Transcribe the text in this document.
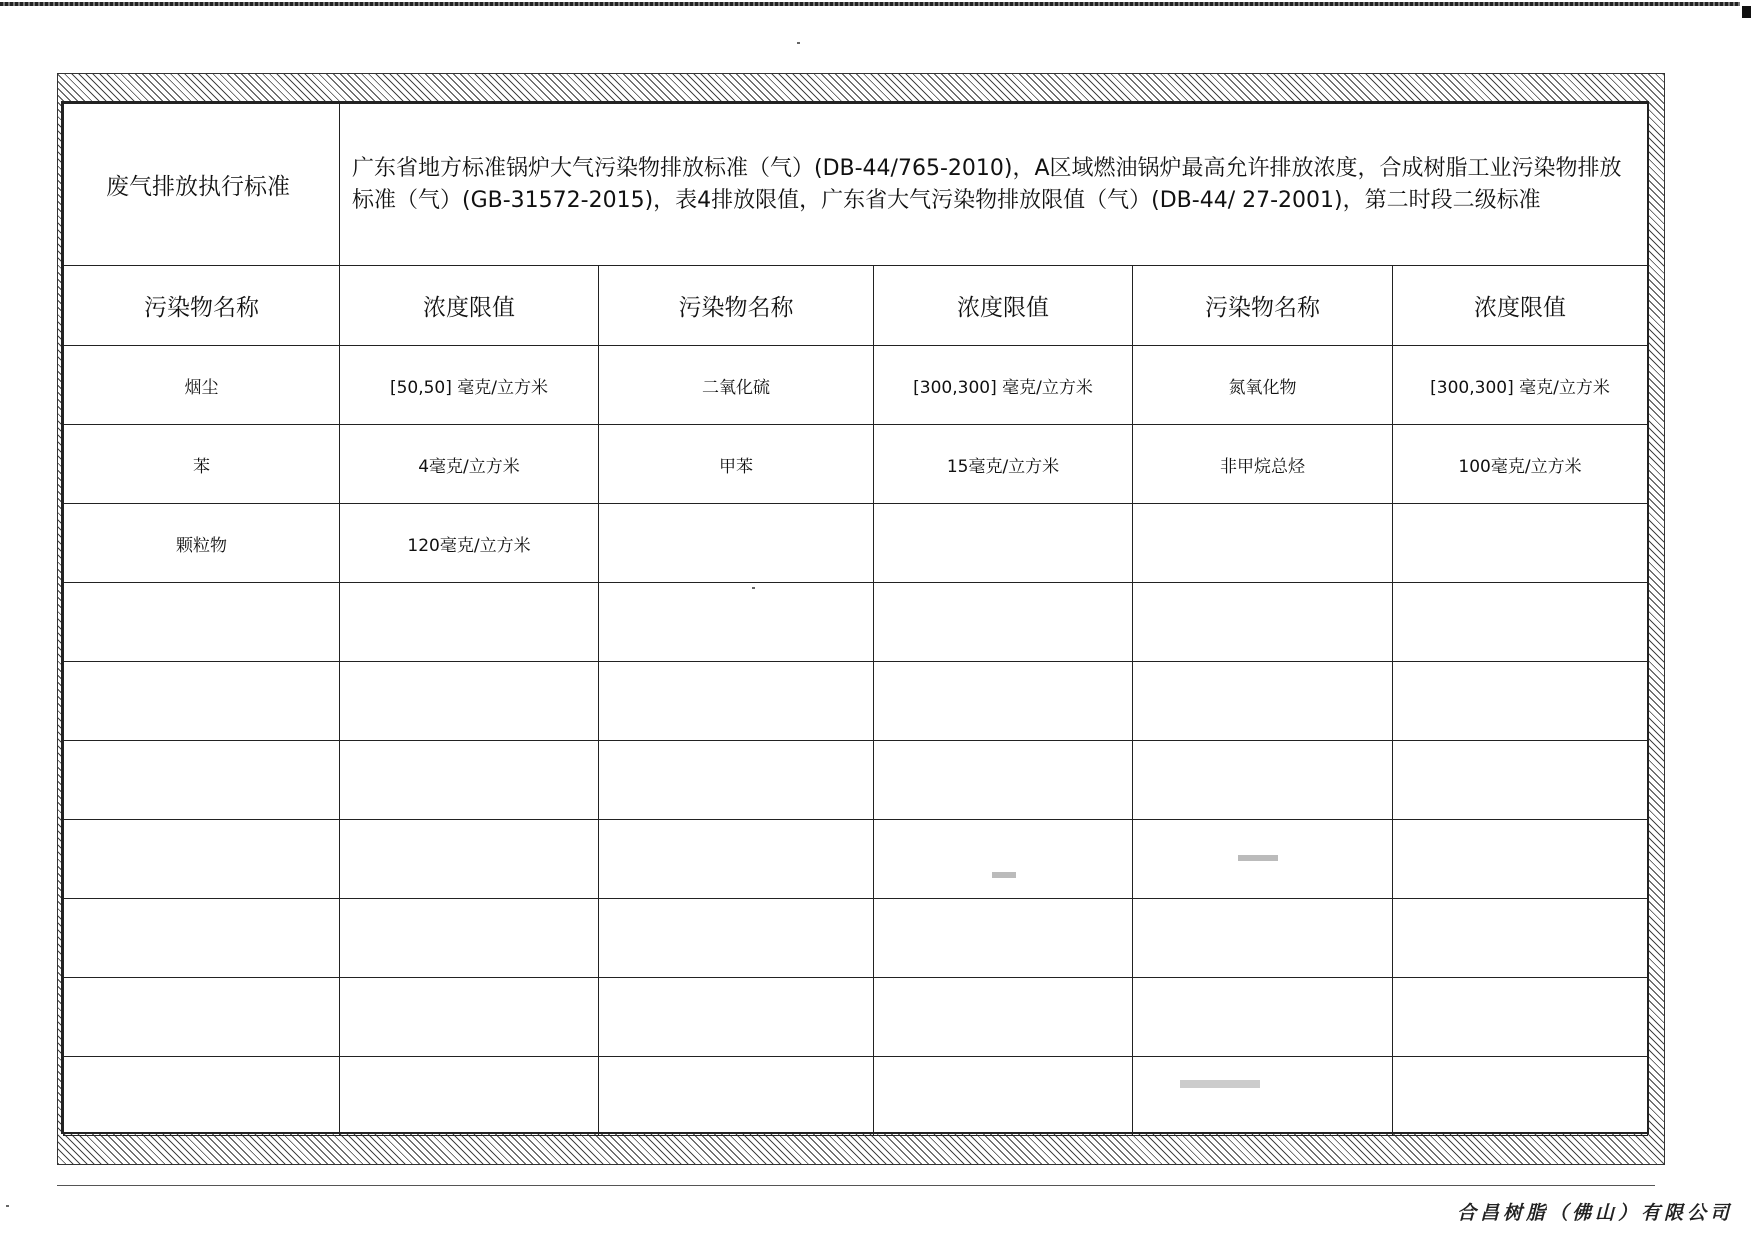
废气排放执行标准	广东省地方标准锅炉大气污染物排放标准（气）(DB-44/765-2010)，A区域燃油锅炉最高允许排放浓度，合成树脂工业污染物排放标准（气）(GB-31572-2015)，表4排放限值，广东省大气污染物排放限值（气）(DB-44/ 27-2001)，第二时段二级标准				
污染物名称	浓度限值	污染物名称	浓度限值	污染物名称	浓度限值
烟尘	[50,50] 毫克/立方米	二氧化硫	[300,300] 毫克/立方米	氮氧化物	[300,300] 毫克/立方米
苯	4毫克/立方米	甲苯	15毫克/立方米	非甲烷总烃	100毫克/立方米
颗粒物	120毫克/立方米				

合昌树脂（佛山）有限公司
